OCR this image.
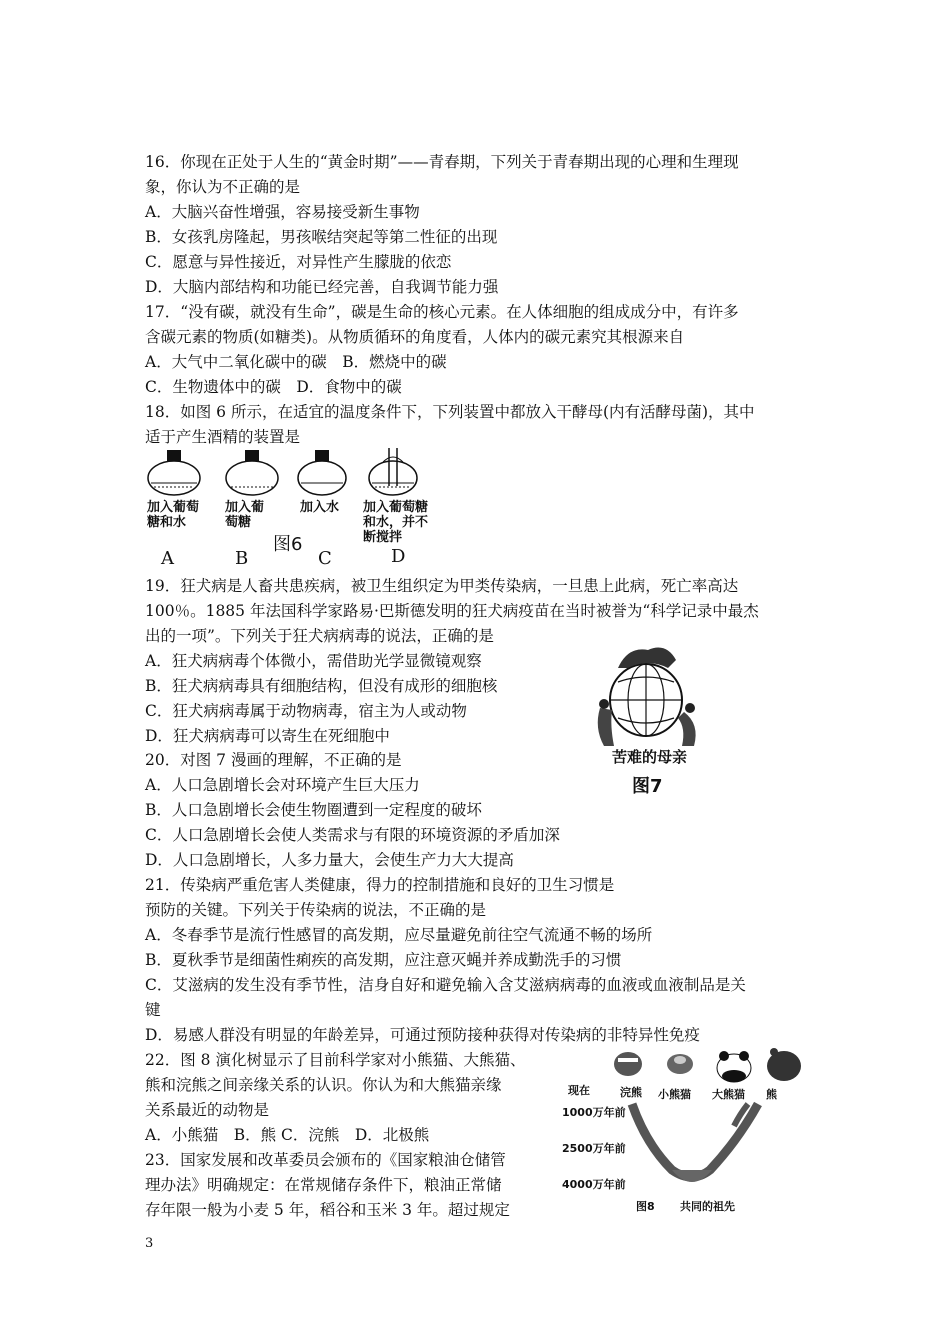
16．你现在正处于人生的“黄金时期”——青春期，下列关于青春期出现的心理和生理现
象，你认为不正确的是
A．大脑兴奋性增强，容易接受新生事物
B．女孩乳房隆起，男孩喉结突起等第二性征的出现
C．愿意与异性接近，对异性产生朦胧的依恋
D．大脑内部结构和功能已经完善，自我调节能力强
17．“没有碳，就没有生命”，碳是生命的核心元素。在人体细胞的组成成分中，有许多
含碳元素的物质(如糖类)。从物质循环的角度看，人体内的碳元素究其根源来自
A．大气中二氧化碳中的碳　B．燃烧中的碳
C．生物遗体中的碳　D．食物中的碳
18．如图 6 所示，在适宜的温度条件下，下列装置中都放入干酵母(内有活酵母菌)，其中
适于产生酒精的装置是
加入葡萄
糖和水
加入葡
萄糖
加入水 加入葡萄糖
和水，并不
断搅拌
图6
A	B	C	D
19．狂犬病是人畜共患疾病，被卫生组织定为甲类传染病，一旦患上此病，死亡率高达
100％。1885 年法国科学家路易·巴斯德发明的狂犬病疫苗在当时被誉为“科学记录中最杰
出的一项”。下列关于狂犬病病毒的说法，正确的是
A．狂犬病病毒个体微小，需借助光学显微镜观察
B．狂犬病病毒具有细胞结构，但没有成形的细胞核
C．狂犬病病毒属于动物病毒，宿主为人或动物
D．狂犬病病毒可以寄生在死细胞中
苦难的母亲
图7
20．对图 7 漫画的理解，不正确的是
A．人口急剧增长会对环境产生巨大压力
B．人口急剧增长会使生物圈遭到一定程度的破坏
C．人口急剧增长会使人类需求与有限的环境资源的矛盾加深
D．人口急剧增长，人多力量大，会使生产力大大提高
21．传染病严重危害人类健康，得力的控制措施和良好的卫生习惯是
预防的关键。下列关于传染病的说法，不正确的是
A．冬春季节是流行性感冒的高发期，应尽量避免前往空气流通不畅的场所
B．夏秋季节是细菌性痢疾的高发期，应注意灭蝇并养成勤洗手的习惯
C．艾滋病的发生没有季节性，洁身自好和避免输入含艾滋病病毒的血液或血液制品是关
键
D．易感人群没有明显的年龄差异，可通过预防接种获得对传染病的非特异性免疫
22．图 8 演化树显示了目前科学家对小熊猫、大熊猫、
熊和浣熊之间亲缘关系的认识。你认为和大熊猫亲缘
关系最近的动物是
A．小熊猫　B．熊 C．浣熊　D．北极熊
23．国家发展和改革委员会颁布的《国家粮油仓储管
理办法》明确规定：在常规储存条件下，粮油正常储
存年限一般为小麦 5 年，稻谷和玉米 3 年。超过规定
现在	浣熊 小熊猫 大熊猫 熊
1000万年前
2500万年前
4000万年前
图8 共同的祖先
3
